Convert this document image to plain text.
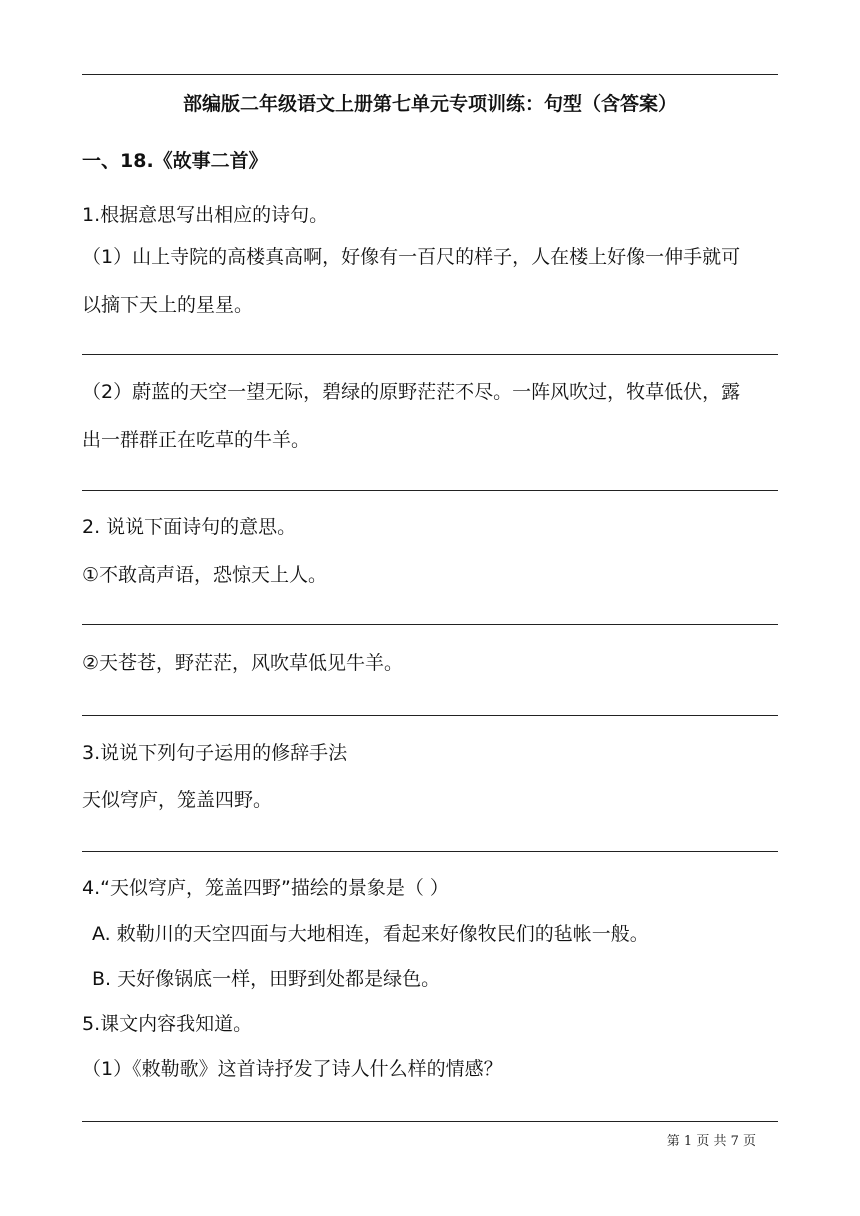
部编版二年级语文上册第七单元专项训练：句型（含答案）
一、18.《故事二首》
1.根据意思写出相应的诗句。
（1）山上寺院的高楼真高啊，好像有一百尺的样子，人在楼上好像一伸手就可
以摘下天上的星星。
（2）蔚蓝的天空一望无际，碧绿的原野茫茫不尽。一阵风吹过，牧草低伏，露
出一群群正在吃草的牛羊。
2. 说说下面诗句的意思。
①不敢高声语，恐惊天上人。
②天苍苍，野茫茫，风吹草低见牛羊。
3.说说下列句子运用的修辞手法
天似穹庐，笼盖四野。
4.“天似穹庐，笼盖四野”描绘的景象是（ ）
A. 敕勒川的天空四面与大地相连，看起来好像牧民们的毡帐一般。
B. 天好像锅底一样，田野到处都是绿色。
5.课文内容我知道。
（1）《敕勒歌》这首诗抒发了诗人什么样的情感？
第 1 页 共 7 页
